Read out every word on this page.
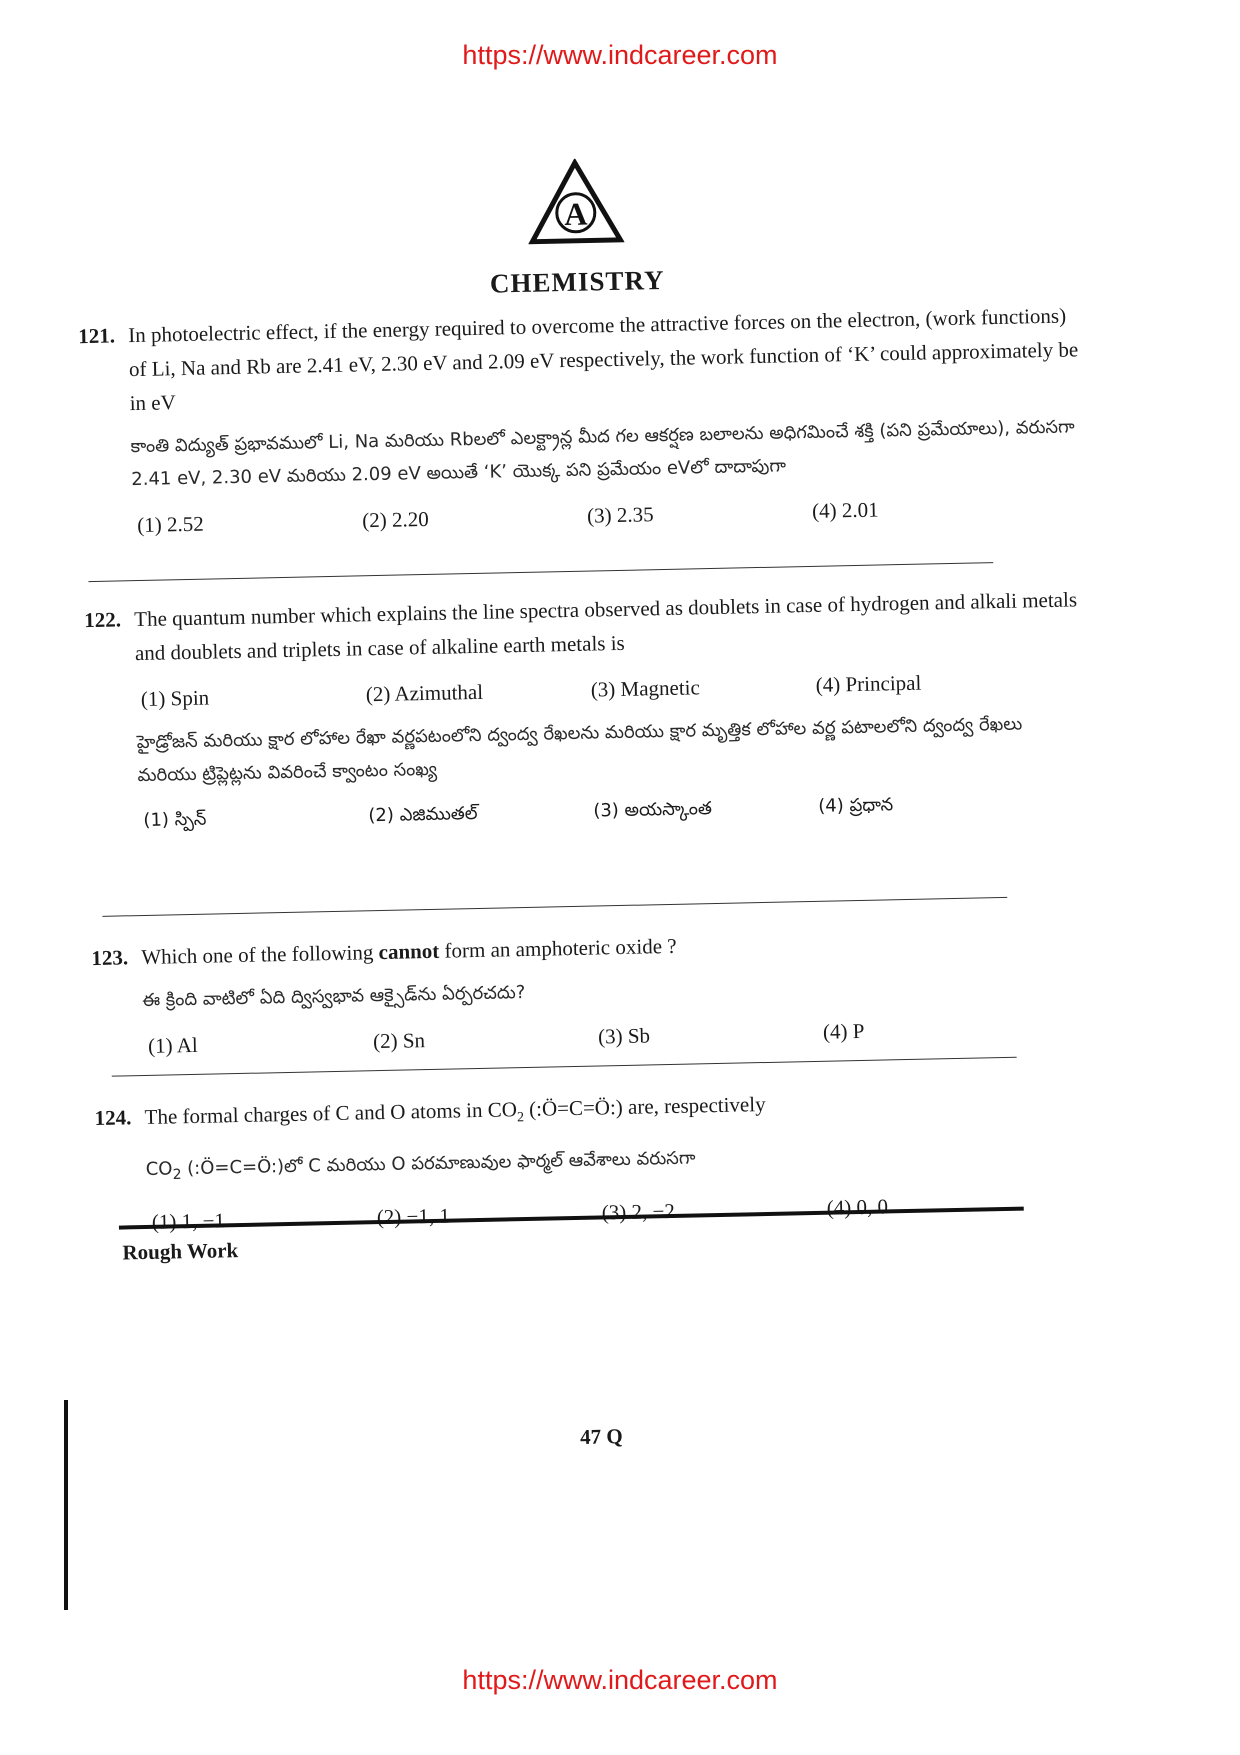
https://www.indcareer.com
A
CHEMISTRY
121. In photoelectric effect, if the energy required to overcome the attractive forces on the electron, (work functions) of Li, Na and Rb are 2.41 eV, 2.30 eV and 2.09 eV respectively, the work function of ‘K’ could approximately be in eV
కాంతి విద్యుత్ ప్రభావములో Li, Na మరియు Rbలలో ఎలక్ట్రాన్ల మీద గల ఆకర్షణ బలాలను అధిగమించే శక్తి (పని ప్రమేయాలు), వరుసగా 2.41 eV, 2.30 eV మరియు 2.09 eV అయితే ‘K’ యొక్క పని ప్రమేయం eVలో దాదాపుగా
(1) 2.52	(2) 2.20	(3) 2.35	(4) 2.01
122. The quantum number which explains the line spectra observed as doublets in case of hydrogen and alkali metals and doublets and triplets in case of alkaline earth metals is
(1) Spin	(2) Azimuthal	(3) Magnetic	(4) Principal
హైడ్రోజన్ మరియు క్షార లోహాల రేఖా వర్ణపటంలోని ద్వంద్వ రేఖలను మరియు క్షార మృత్తిక లోహాల వర్ణ పటాలలోని ద్వంద్వ రేఖలు మరియు ట్రిప్లెట్లను వివరించే క్వాంటం సంఖ్య
(1) స్పిన్	(2) ఎజిముతల్	(3) అయస్కాంత	(4) ప్రధాన
123. Which one of the following cannot form an amphoteric oxide ?
ఈ క్రింది వాటిలో ఏది ద్విస్వభావ ఆక్సైడ్‌ను ఏర్పరచదు?
(1) Al	(2) Sn	(3) Sb	(4) P
124. The formal charges of C and O atoms in $CO_2$ (:Ö=C=Ö:) are, respectively
$CO_2$ (:Ö=C=Ö:)లో C మరియు O పరమాణువుల ఫార్మల్ ఆవేశాలు వరుసగా
(1) 1, −1	(2) −1, 1	(3) 2, −2	(4) 0, 0
Rough Work
47 Q
https://www.indcareer.com
